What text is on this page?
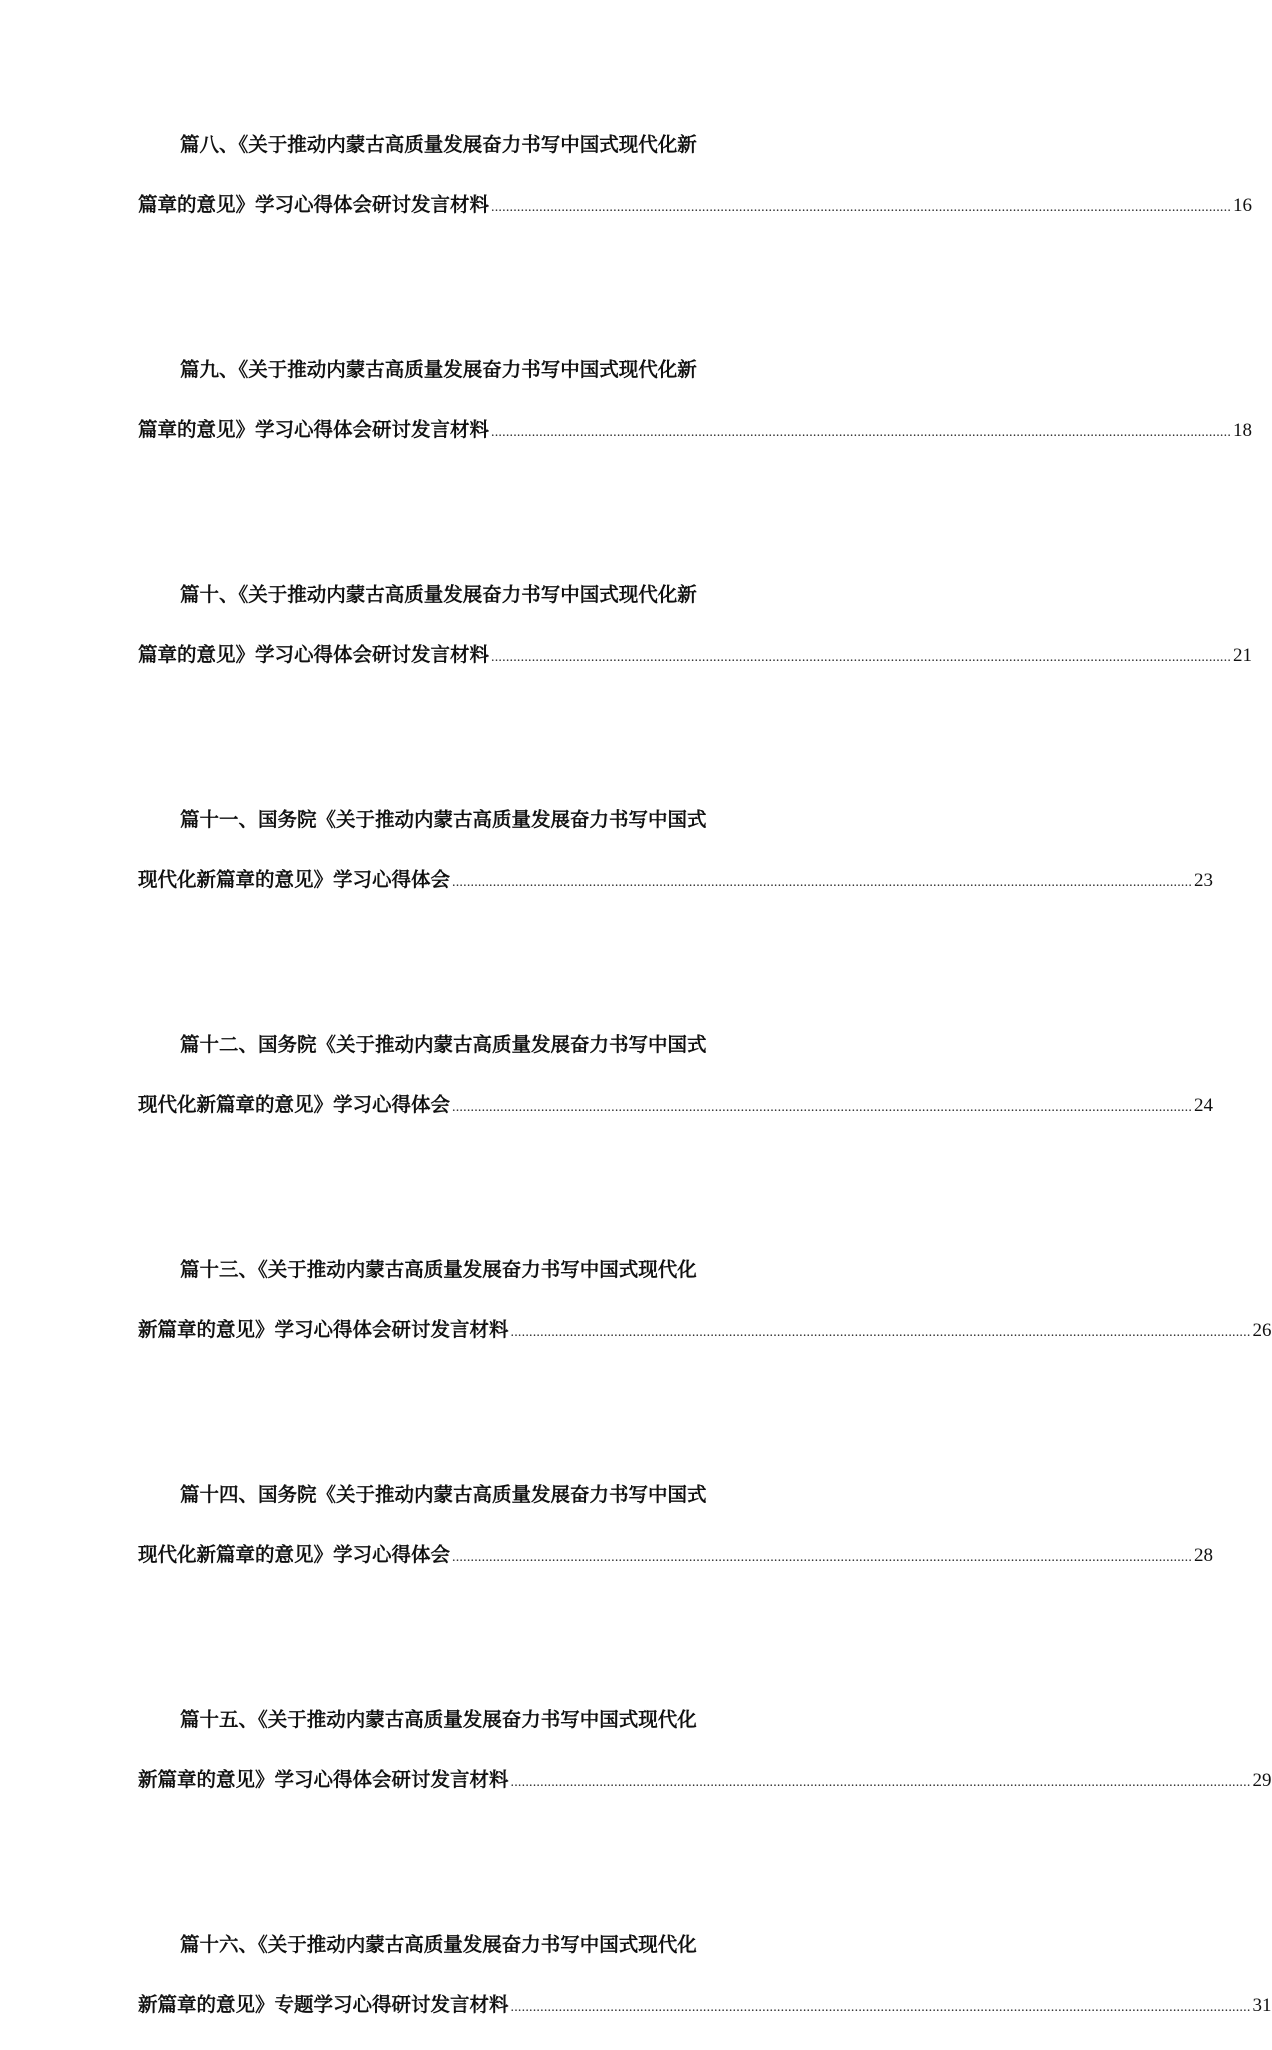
篇八、《关于推动内蒙古高质量发展奋力书写中国式现代化新
篇章的意见》学习心得体会研讨发言材料 ........................................................................................................................................................................................................ 16
篇九、《关于推动内蒙古高质量发展奋力书写中国式现代化新
篇章的意见》学习心得体会研讨发言材料 ........................................................................................................................................................................................................ 18
篇十、《关于推动内蒙古高质量发展奋力书写中国式现代化新
篇章的意见》学习心得体会研讨发言材料 ........................................................................................................................................................................................................ 21
篇十一、国务院《关于推动内蒙古高质量发展奋力书写中国式
现代化新篇章的意见》学习心得体会 ........................................................................................................................................................................................................ 23
篇十二、国务院《关于推动内蒙古高质量发展奋力书写中国式
现代化新篇章的意见》学习心得体会 ........................................................................................................................................................................................................ 24
篇十三、《关于推动内蒙古高质量发展奋力书写中国式现代化
新篇章的意见》学习心得体会研讨发言材料 ........................................................................................................................................................................................................ 26
篇十四、国务院《关于推动内蒙古高质量发展奋力书写中国式
现代化新篇章的意见》学习心得体会 ........................................................................................................................................................................................................ 28
篇十五、《关于推动内蒙古高质量发展奋力书写中国式现代化
新篇章的意见》学习心得体会研讨发言材料 ........................................................................................................................................................................................................ 29
篇十六、《关于推动内蒙古高质量发展奋力书写中国式现代化
新篇章的意见》专题学习心得研讨发言材料 ........................................................................................................................................................................................................ 31
